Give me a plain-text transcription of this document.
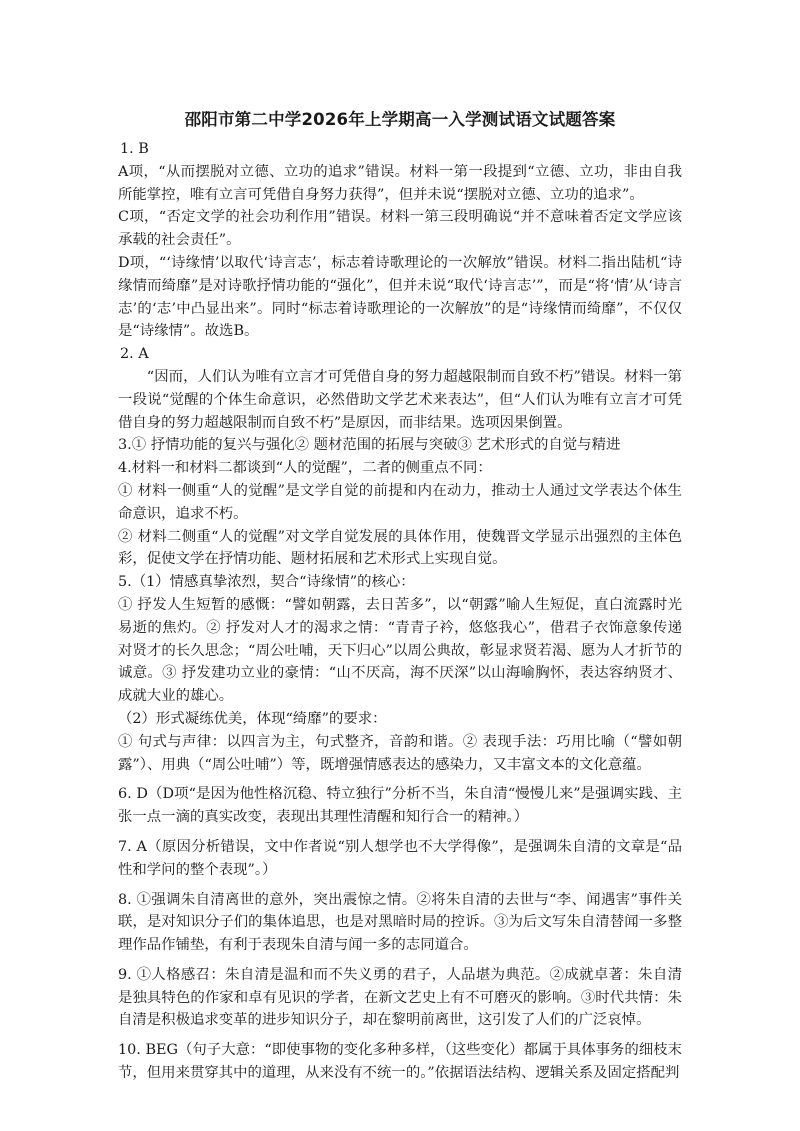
邵阳市第二中学2026年上学期高一入学测试语文试题答案

1. B

A项，“从而摆脱对立德、立功的追求”错误。材料一第一段提到“立德、立功，非由自我所能掌控，唯有立言可凭借自身努力获得”，但并未说“摆脱对立德、立功的追求”。

C项，“否定文学的社会功利作用”错误。材料一第三段明确说“并不意味着否定文学应该承载的社会责任”。

D项，“‘诗缘情’以取代‘诗言志’，标志着诗歌理论的一次解放”错误。材料二指出陆机“诗缘情而绮靡”是对诗歌抒情功能的“强化”，但并未说“取代‘诗言志’”，而是“将‘情’从‘诗言志’的‘志’中凸显出来”。同时“标志着诗歌理论的一次解放”的是“诗缘情而绮靡”，不仅仅是“诗缘情”。故选B。

2. A

“因而，人们认为唯有立言才可凭借自身的努力超越限制而自致不朽”错误。材料一第一段说“觉醒的个体生命意识，必然借助文学艺术来表达”，但“人们认为唯有立言才可凭借自身的努力超越限制而自致不朽”是原因，而非结果。选项因果倒置。

3.① 抒情功能的复兴与强化② 题材范围的拓展与突破③ 艺术形式的自觉与精进

4.材料一和材料二都谈到“人的觉醒”，二者的侧重点不同：

① 材料一侧重“人的觉醒”是文学自觉的前提和内在动力，推动士人通过文学表达个体生命意识，追求不朽。

② 材料二侧重“人的觉醒”对文学自觉发展的具体作用，使魏晋文学显示出强烈的主体色彩，促使文学在抒情功能、题材拓展和艺术形式上实现自觉。

5.（1）情感真挚浓烈，契合“诗缘情”的核心：

① 抒发人生短暂的感慨：“譬如朝露，去日苦多”，以“朝露”喻人生短促，直白流露时光易逝的焦灼。② 抒发对人才的渴求之情：“青青子衿，悠悠我心”，借君子衣饰意象传递对贤才的长久思念；“周公吐哺，天下归心”以周公典故，彰显求贤若渴、愿为人才折节的诚意。③ 抒发建功立业的豪情：“山不厌高，海不厌深”以山海喻胸怀，表达容纳贤才、成就大业的雄心。

（2）形式凝练优美，体现“绮靡”的要求：

① 句式与声律：以四言为主，句式整齐，音韵和谐。② 表现手法：巧用比喻（“譬如朝露”）、用典（“周公吐哺”）等，既增强情感表达的感染力，又丰富文本的文化意蕴。

6. D（D项“是因为他性格沉稳、特立独行”分析不当，朱自清“慢慢儿来”是强调实践、主张一点一滴的真实改变，表现出其理性清醒和知行合一的精神。）

7. A（原因分析错误，文中作者说“别人想学也不大学得像”，是强调朱自清的文章是“品性和学问的整个表现”。）

8. ①强调朱自清离世的意外，突出震惊之情。②将朱自清的去世与“李、闻遇害”事件关联，是对知识分子们的集体追思，也是对黑暗时局的控诉。③为后文写朱自清替闻一多整理作品作铺垫，有利于表现朱自清与闻一多的志同道合。

9. ①人格感召：朱自清是温和而不失义勇的君子，人品堪为典范。②成就卓著：朱自清是独具特色的作家和卓有见识的学者，在新文艺史上有不可磨灭的影响。③时代共情：朱自清是积极追求变革的进步知识分子，却在黎明前离世，这引发了人们的广泛哀悼。

10. BEG（句子大意：“即使事物的变化多种多样，（这些变化）都属于具体事务的细枝末节，但用来贯穿其中的道理，从来没有不统一的。”依据语法结构、逻辑关系及固定搭配判
